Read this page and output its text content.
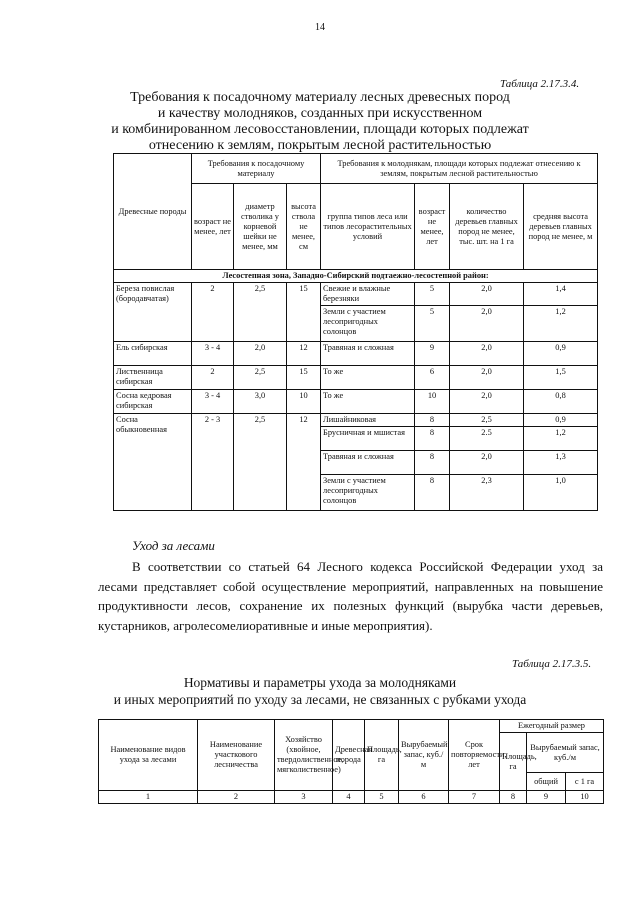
14
Таблица 2.17.3.4.
Требования к посадочному материалу лесных древесных пород
и качеству молодняков, созданных при искусственном
и комбинированном лесовосстановлении, площади которых подлежат
отнесению к землям, покрытым лесной растительностью
Древесные породы	Требования к посадочному материалу			Требования к молоднякам, площади которых подлежат отнесению к землям, покрытым лесной растительностью			
	возраст не менее, лет	диаметр стволика у корневой шейки не менее, мм	высота ствола не менее, см	группа типов леса или типов лесорастительных условий	возраст не менее, лет	количество деревьев главных пород не менее, тыс. шт. на 1 га	средняя высота деревьев главных пород не менее, м
Лесостепная зона, Западно-Сибирский подтаежно-лесостепной район:							
Береза повислая (бородавчатая)	2	2,5	15	Свежие и влажные березняки	5	2,0	1,4
				Земли с участием лесопригодных солонцов	5	2,0	1,2
Ель сибирская	3 - 4	2,0	12	Травяная и сложная	9	2,0	0,9
Лиственница сибирская	2	2,5	15	То же	6	2,0	1,5
Сосна кедровая сибирская	3 - 4	3,0	10	То же	10	2,0	0,8
Сосна обыкновенная	2 - 3	2,5	12	Лишайниковая	8	2,5	0,9
				Брусничная и мшистая	8	2.5	1,2
				Травяная и сложная	8	2,0	1,3
				Земли с участием лесопригодных солонцов	8	2,3	1,0
Уход за лесами
В соответствии со статьей 64 Лесного кодекса Российской Федерации уход за лесами представляет собой осуществление мероприятий, направленных на повышение продуктивности лесов, сохранение их полезных функций (вырубка части деревьев, кустарников, агролесомелиоративные и иные мероприятия).
Таблица 2.17.3.5.
Нормативы и параметры ухода за молодняками
и иных мероприятий по уходу за лесами, не связанных с рубками ухода
Наименование видов ухода за лесами	Наименование участкового лесничества	Хозяйство (хвойное, твердолиственное, мягколиственное)	Древесная порода	Площадь, га	Вырубаемый запас, куб./м	Срок повторяемости, лет	Ежегодный размер		
							Площадь, га	Вырубаемый запас, куб./м	
								общий	с 1 га
1	2	3	4	5	6	7	8	9	10
